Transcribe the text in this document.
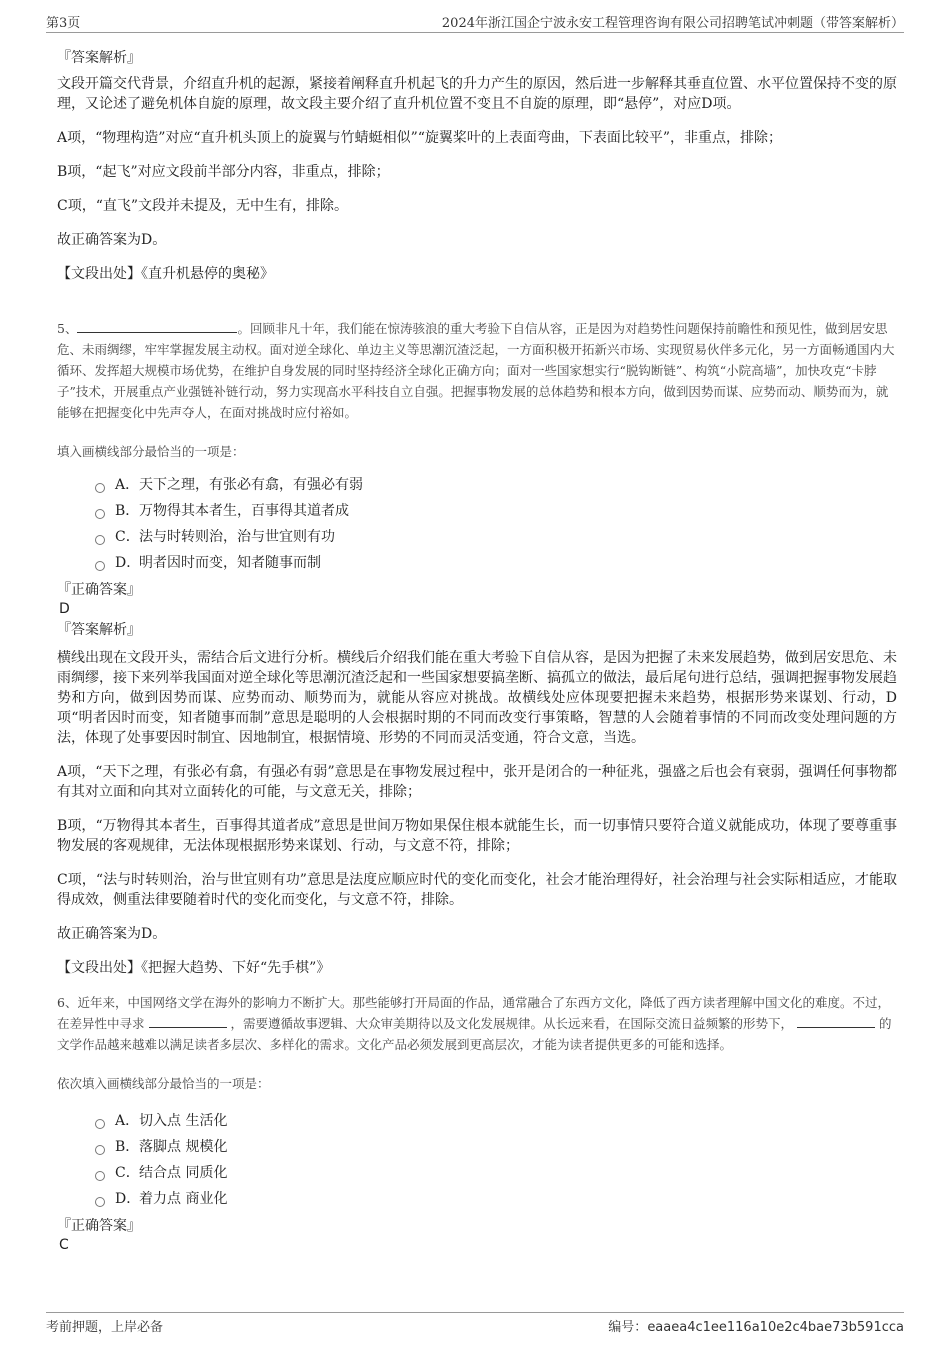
第3页	2024年浙江国企宁波永安工程管理咨询有限公司招聘笔试冲刺题（带答案解析）
『答案解析』

文段开篇交代背景，介绍直升机的起源，紧接着阐释直升机起飞的升力产生的原因，然后进一步解释其垂直位置、水平位置保持不变的原理，又论述了避免机体自旋的原理，故文段主要介绍了直升机位置不变且不自旋的原理，即“悬停”，对应D项。

A项，“物理构造”对应“直升机头顶上的旋翼与竹蜻蜓相似”“旋翼桨叶的上表面弯曲，下表面比较平”，非重点，排除；

B项，“起飞”对应文段前半部分内容，非重点，排除；

C项，“直飞”文段并未提及，无中生有，排除。

故正确答案为D。

【文段出处】《直升机悬停的奥秘》

5、	。回顾非凡十年，我们能在惊涛骇浪的重大考验下自信从容，正是因为对趋势性问题保持前瞻性和预见性，做到居安思危、未雨绸缪，牢牢掌握发展主动权。面对逆全球化、单边主义等思潮沉渣泛起，一方面积极开拓新兴市场、实现贸易伙伴多元化，另一方面畅通国内大循环、发挥超大规模市场优势，在维护自身发展的同时坚持经济全球化正确方向；面对一些国家想实行“脱钩断链”、构筑“小院高墙”，加快攻克“卡脖子”技术，开展重点产业强链补链行动，努力实现高水平科技自立自强。把握事物发展的总体趋势和根本方向，做到因势而谋、应势而动、顺势而为，就能够在把握变化中先声夺人，在面对挑战时应付裕如。

填入画横线部分最恰当的一项是：

A． 天下之理，有张必有翕，有强必有弱
B． 万物得其本者生，百事得其道者成
C． 法与时转则治，治与世宜则有功
D．
明者因时而变，知者随事而制
『正确答案』
D
『答案解析』

横线出现在文段开头，需结合后文进行分析。横线后介绍我们能在重大考验下自信从容，是因为把握了未来发展趋势，做到居安思危、未雨绸缪，接下来列举我国面对逆全球化等思潮沉渣泛起和一些国家想要搞垄断、搞孤立的做法，最后尾句进行总结，强调把握事物发展趋势和方向，做到因势而谋、应势而动、顺势而为，就能从容应对挑战。故横线处应体现要把握未来趋势，根据形势来谋划、行动，D项“明者因时而变，知者随事而制”意思是聪明的人会根据时期的不同而改变行事策略，智慧的人会随着事情的不同而改变处理问题的方法，体现了处事要因时制宜、因地制宜，根据情境、形势的不同而灵活变通，符合文意，当选。

A项，“天下之理，有张必有翕，有强必有弱”意思是在事物发展过程中，张开是闭合的一种征兆，强盛之后也会有衰弱，强调任何事物都有其对立面和向其对立面转化的可能，与文意无关，排除；

B项，“万物得其本者生，百事得其道者成”意思是世间万物如果保住根本就能生长，而一切事情只要符合道义就能成功，体现了要尊重事物发展的客观规律，无法体现根据形势来谋划、行动，与文意不符，排除；

C项，“法与时转则治，治与世宜则有功”意思是法度应顺应时代的变化而变化，社会才能治理得好，社会治理与社会实际相适应，才能取得成效，侧重法律要随着时代的变化而变化，与文意不符，排除。

故正确答案为D。

【文段出处】《把握大趋势、下好“先手棋”》

6、近年来，中国网络文学在海外的影响力不断扩大。那些能够打开局面的作品，通常融合了东西方文化，降低了西方读者理解中国文化的难度。不过，在差异性中寻求	，需要遵循故事逻辑、大众审美期待以及文化发展规律。从长远来看，在国际交流日益频繁的形势下，	的文学作品越来越难以满足读者多层次、多样化的需求。文化产品必须发展到更高层次，才能为读者提供更多的可能和选择。

依次填入画横线部分最恰当的一项是：

A． 切入点 生活化
B． 落脚点 规模化
C． 结合点 同质化
D．
着力点 商业化
『正确答案』
C
考前押题，上岸必备	编号：eaaea4c1ee116a10e2c4bae73b591cca
